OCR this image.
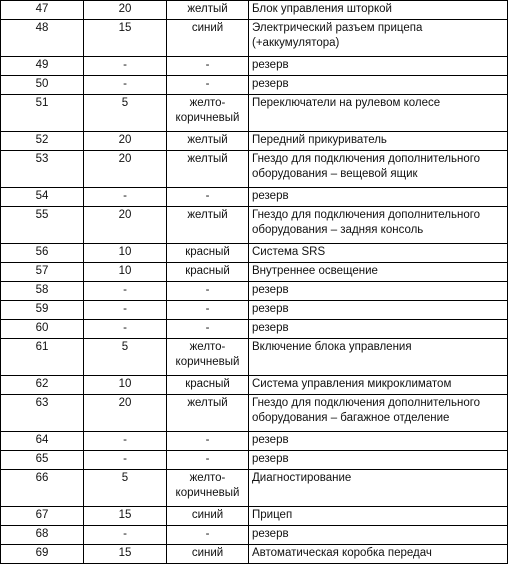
47	20	желтый	Блок управления шторкой
48	15	синий	Электрический разъем прицепа (+аккумулятора)
49	-	-	резерв
50	-	-	резерв
51	5	желто-коричневый	Переключатели на рулевом колесе
52	20	желтый	Передний прикуриватель
53	20	желтый	Гнездо для подключения дополнительного оборудования – вещевой ящик
54	-	-	резерв
55	20	желтый	Гнездо для подключения дополнительного оборудования – задняя консоль
56	10	красный	Система SRS
57	10	красный	Внутреннее освещение
58	-	-	резерв
59	-	-	резерв
60	-	-	резерв
61	5	желто-коричневый	Включение блока управления
62	10	красный	Система управления микроклиматом
63	20	желтый	Гнездо для подключения дополнительного оборудования – багажное отделение
64	-	-	резерв
65	-	-	резерв
66	5	желто-коричневый	Диагностирование
67	15	синий	Прицеп
68	-	-	резерв
69	15	синий	Автоматическая коробка передач
